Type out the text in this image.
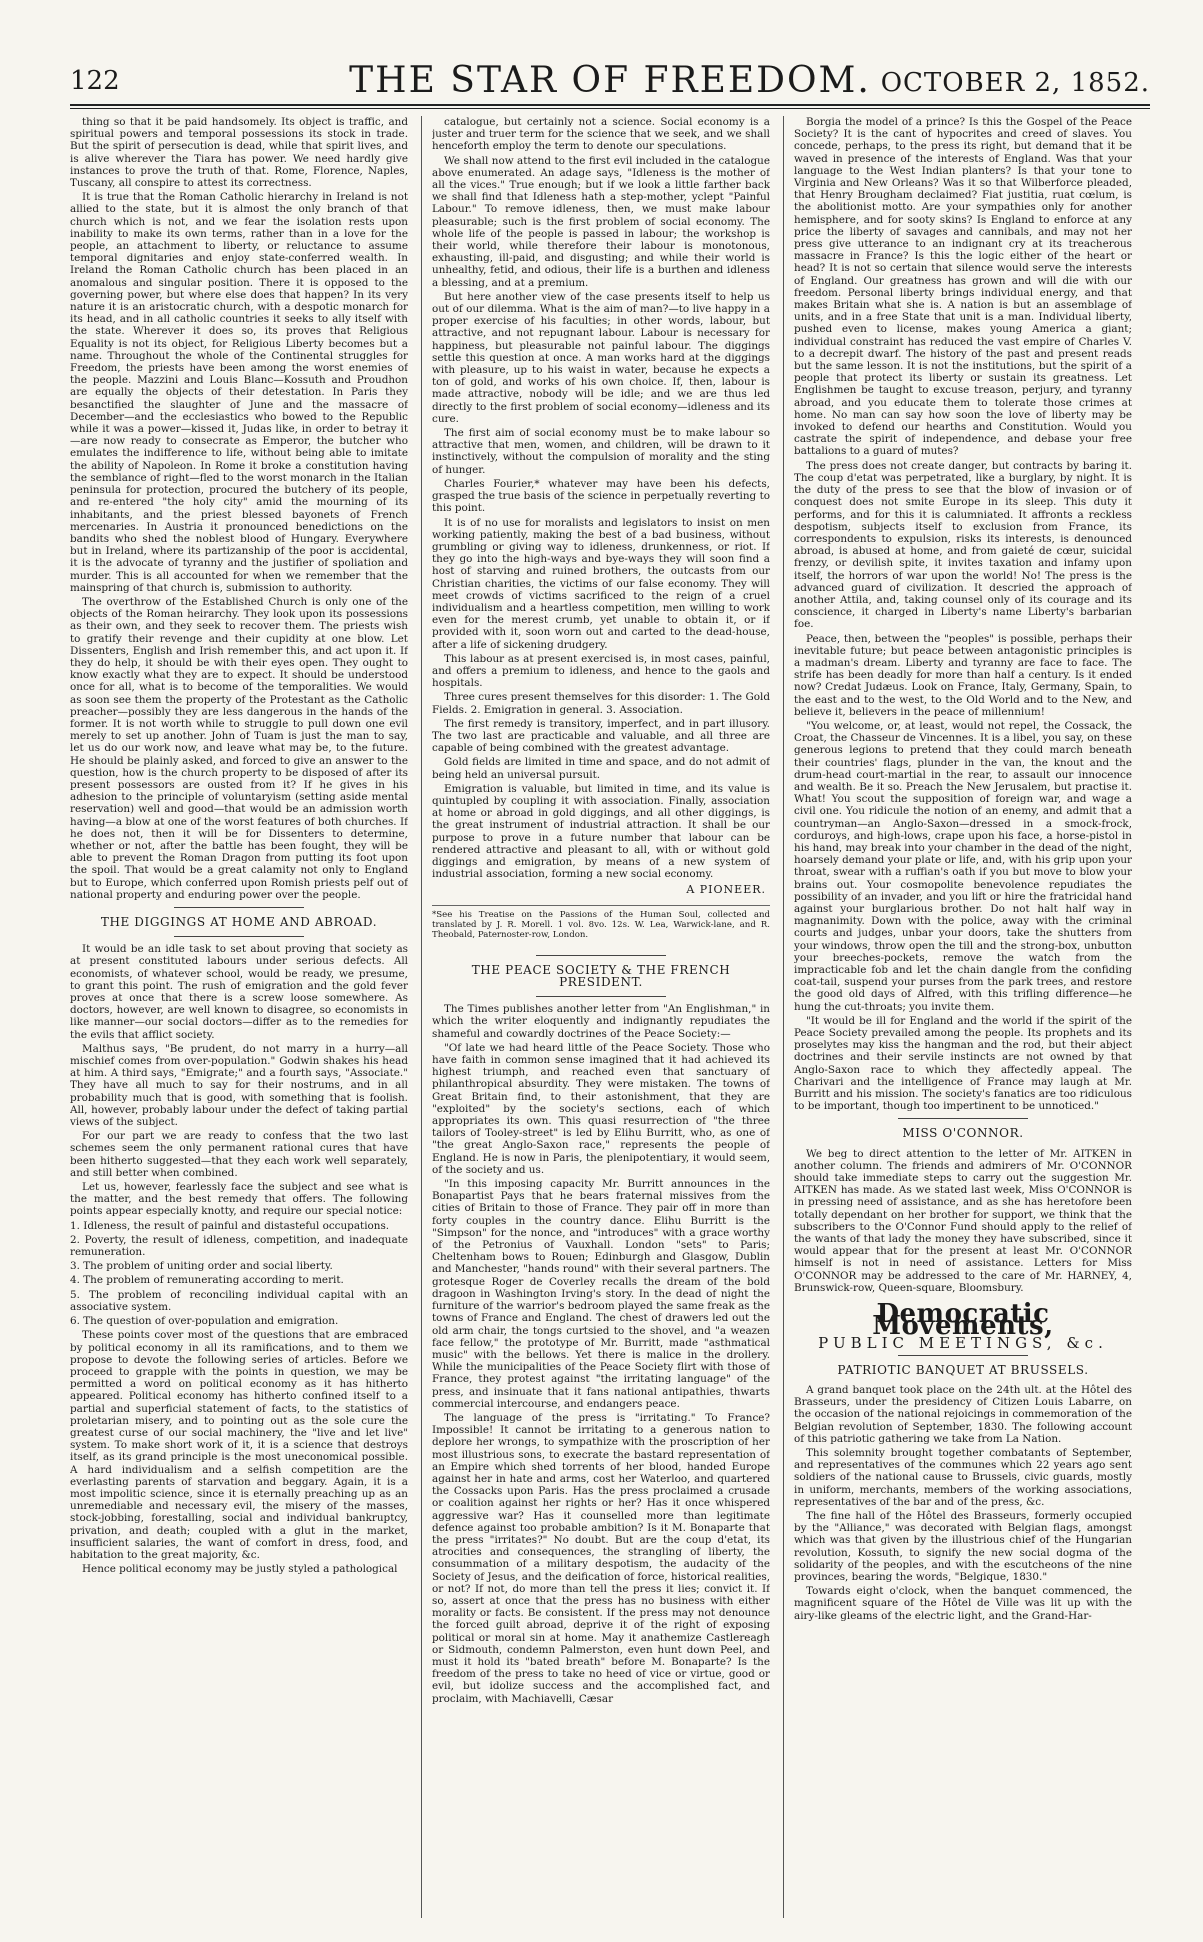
122	THE STAR OF FREEDOM. OCTOBER 2, 1852.

thing so that it be paid handsomely. Its object is traffic, and spiritual powers and temporal possessions its stock in trade. But the spirit of persecution is dead, while that spirit lives, and is alive wherever the Tiara has power. We need hardly give instances to prove the truth of that. Rome, Florence, Naples, Tuscany, all conspire to attest its correctness.

It is true that the Roman Catholic hierarchy in Ireland is not allied to the state, but it is almost the only branch of that church which is not, and we fear the isolation rests upon inability to make its own terms, rather than in a love for the people, an attachment to liberty, or reluctance to assume temporal dignitaries and enjoy state-conferred wealth. In Ireland the Roman Catholic church has been placed in an anomalous and singular position. There it is opposed to the governing power, but where else does that happen? In its very nature it is an aristocratic church, with a despotic monarch for its head, and in all catholic countries it seeks to ally itself with the state. Wherever it does so, its proves that Religious Equality is not its object, for Religious Liberty becomes but a name. Throughout the whole of the Continental struggles for Freedom, the priests have been among the worst enemies of the people. Mazzini and Louis Blanc—Kossuth and Proudhon are equally the objects of their detestation. In Paris they besanctified the slaughter of June and the massacre of December—and the ecclesiastics who bowed to the Republic while it was a power—kissed it, Judas like, in order to betray it—are now ready to consecrate as Emperor, the butcher who emulates the indifference to life, without being able to imitate the ability of Napoleon. In Rome it broke a constitution having the semblance of right—fled to the worst monarch in the Italian peninsula for protection, procured the butchery of its people, and re-entered "the holy city" amid the mourning of its inhabitants, and the priest blessed bayonets of French mercenaries. In Austria it pronounced benedictions on the bandits who shed the noblest blood of Hungary. Everywhere but in Ireland, where its partizanship of the poor is accidental, it is the advocate of tyranny and the justifier of spoliation and murder. This is all accounted for when we remember that the mainspring of that church is, submission to authority.

The overthrow of the Established Church is only one of the objects of the Roman heirarchy. They look upon its possessions as their own, and they seek to recover them. The priests wish to gratify their revenge and their cupidity at one blow. Let Dissenters, English and Irish remember this, and act upon it. If they do help, it should be with their eyes open. They ought to know exactly what they are to expect. It should be understood once for all, what is to become of the temporalities. We would as soon see them the property of the Protestant as the Catholic preacher—possibly they are less dangerous in the hands of the former. It is not worth while to struggle to pull down one evil merely to set up another. John of Tuam is just the man to say, let us do our work now, and leave what may be, to the future. He should be plainly asked, and forced to give an answer to the question, how is the church property to be disposed of after its present possessors are ousted from it? If he gives in his adhesion to the principle of voluntaryism (setting aside mental reservation) well and good—that would be an admission worth having—a blow at one of the worst features of both churches. If he does not, then it will be for Dissenters to determine, whether or not, after the battle has been fought, they will be able to prevent the Roman Dragon from putting its foot upon the spoil. That would be a great calamity not only to England but to Europe, which conferred upon Romish priests pelf out of national property and enduring power over the people.

THE DIGGINGS AT HOME AND ABROAD.

It would be an idle task to set about proving that society as at present constituted labours under serious defects. All economists, of whatever school, would be ready, we presume, to grant this point. The rush of emigration and the gold fever proves at once that there is a screw loose somewhere. As doctors, however, are well known to disagree, so economists in like manner—our social doctors—differ as to the remedies for the evils that afflict society.

Malthus says, "Be prudent, do not marry in a hurry—all mischief comes from over-population." Godwin shakes his head at him. A third says, "Emigrate;" and a fourth says, "Associate." They have all much to say for their nostrums, and in all probability much that is good, with something that is foolish. All, however, probably labour under the defect of taking partial views of the subject.

For our part we are ready to confess that the two last schemes seem the only permanent rational cures that have been hitherto suggested—that they each work well separately, and still better when combined.

Let us, however, fearlessly face the subject and see what is the matter, and the best remedy that offers. The following points appear especially knotty, and require our special notice:

1. Idleness, the result of painful and distasteful occupations.

2. Poverty, the result of idleness, competition, and inadequate remuneration.

3. The problem of uniting order and social liberty.

4. The problem of remunerating according to merit.

5. The problem of reconciling individual capital with an associative system.

6. The question of over-population and emigration.

These points cover most of the questions that are embraced by political economy in all its ramifications, and to them we propose to devote the following series of articles. Before we proceed to grapple with the points in question, we may be permitted a word on political economy as it has hitherto appeared. Political economy has hitherto confined itself to a partial and superficial statement of facts, to the statistics of proletarian misery, and to pointing out as the sole cure the greatest curse of our social machinery, the "live and let live" system. To make short work of it, it is a science that destroys itself, as its grand principle is the most uneconomical possible. A hard individualism and a selfish competition are the everlasting parents of starvation and beggary. Again, it is a most impolitic science, since it is eternally preaching up as an unremediable and necessary evil, the misery of the masses, stock-jobbing, forestalling, social and individual bankruptcy, privation, and death; coupled with a glut in the market, insufficient salaries, the want of comfort in dress, food, and habitation to the great majority, &c.

Hence political economy may be justly styled a pathological

catalogue, but certainly not a science. Social economy is a juster and truer term for the science that we seek, and we shall henceforth employ the term to denote our speculations.

We shall now attend to the first evil included in the catalogue above enumerated. An adage says, "Idleness is the mother of all the vices." True enough; but if we look a little farther back we shall find that Idleness hath a step-mother, yclept "Painful Labour." To remove idleness, then, we must make labour pleasurable; such is the first problem of social economy. The whole life of the people is passed in labour; the workshop is their world, while therefore their labour is monotonous, exhausting, ill-paid, and disgusting; and while their world is unhealthy, fetid, and odious, their life is a burthen and idleness a blessing, and at a premium.

But here another view of the case presents itself to help us out of our dilemma. What is the aim of man?—to live happy in a proper exercise of his faculties; in other words, labour, but attractive, and not repugnant labour. Labour is necessary for happiness, but pleasurable not painful labour. The diggings settle this question at once. A man works hard at the diggings with pleasure, up to his waist in water, because he expects a ton of gold, and works of his own choice. If, then, labour is made attractive, nobody will be idle; and we are thus led directly to the first problem of social economy—idleness and its cure.

The first aim of social economy must be to make labour so attractive that men, women, and children, will be drawn to it instinctively, without the compulsion of morality and the sting of hunger.

Charles Fourier,* whatever may have been his defects, grasped the true basis of the science in perpetually reverting to this point.

It is of no use for moralists and legislators to insist on men working patiently, making the best of a bad business, without grumbling or giving way to idleness, drunkenness, or riot. If they go into the high-ways and bye-ways they will soon find a host of starving and ruined brothers, the outcasts from our Christian charities, the victims of our false economy. They will meet crowds of victims sacrificed to the reign of a cruel individualism and a heartless competition, men willing to work even for the merest crumb, yet unable to obtain it, or if provided with it, soon worn out and carted to the dead-house, after a life of sickening drudgery.

This labour as at present exercised is, in most cases, painful, and offers a premium to idleness, and hence to the gaols and hospitals.

Three cures present themselves for this disorder: 1. The Gold Fields. 2. Emigration in general. 3. Association.

The first remedy is transitory, imperfect, and in part illusory. The two last are practicable and valuable, and all three are capable of being combined with the greatest advantage.

Gold fields are limited in time and space, and do not admit of being held an universal pursuit.

Emigration is valuable, but limited in time, and its value is quintupled by coupling it with association. Finally, association at home or abroad in gold diggings, and all other diggings, is the great instrument of industrial attraction. It shall be our purpose to prove in a future number that labour can be rendered attractive and pleasant to all, with or without gold diggings and emigration, by means of a new system of industrial association, forming a new social economy.

A PIONEER.
*See his Treatise on the Passions of the Human Soul, collected and translated by J. R. Morell. 1 vol. 8vo. 12s. W. Lea, Warwick-lane, and R. Theobald, Paternoster-row, London.
THE PEACE SOCIETY & THE FRENCH PRESIDENT.

The Times publishes another letter from "An Englishman," in which the writer eloquently and indignantly repudiates the shameful and cowardly doctrines of the Peace Society:—

"Of late we had heard little of the Peace Society. Those who have faith in common sense imagined that it had achieved its highest triumph, and reached even that sanctuary of philanthropical absurdity. They were mistaken. The towns of Great Britain find, to their astonishment, that they are "exploited" by the society's sections, each of which appropriates its own. This quasi resurrection of "the three tailors of Tooley-street" is led by Elihu Burritt, who, as one of "the great Anglo-Saxon race," represents the people of England. He is now in Paris, the plenipotentiary, it would seem, of the society and us.

"In this imposing capacity Mr. Burritt announces in the Bonapartist Pays that he bears fraternal missives from the cities of Britain to those of France. They pair off in more than forty couples in the country dance. Elihu Burritt is the "Simpson" for the nonce, and "introduces" with a grace worthy of the Petronius of Vauxhall. London "sets" to Paris; Cheltenham bows to Rouen; Edinburgh and Glasgow, Dublin and Manchester, "hands round" with their several partners. The grotesque Roger de Coverley recalls the dream of the bold dragoon in Washington Irving's story. In the dead of night the furniture of the warrior's bedroom played the same freak as the towns of France and England. The chest of drawers led out the old arm chair, the tongs curtsied to the shovel, and "a weazen face fellow," the prototype of Mr. Burritt, made "asthmatical music" with the bellows. Yet there is malice in the drollery. While the municipalities of the Peace Society flirt with those of France, they protest against "the irritating language" of the press, and insinuate that it fans national antipathies, thwarts commercial intercourse, and endangers peace.

The language of the press is "irritating." To France? Impossible! It cannot be irritating to a generous nation to deplore her wrongs, to sympathize with the proscription of her most illustrious sons, to execrate the bastard representation of an Empire which shed torrents of her blood, handed Europe against her in hate and arms, cost her Waterloo, and quartered the Cossacks upon Paris. Has the press proclaimed a crusade or coalition against her rights or her? Has it once whispered aggressive war? Has it counselled more than legitimate defence against too probable ambition? Is it M. Bonaparte that the press "irritates?" No doubt. But are the coup d'etat, its atrocities and consequences, the strangling of liberty, the consummation of a military despotism, the audacity of the Society of Jesus, and the deification of force, historical realities, or not? If not, do more than tell the press it lies; convict it. If so, assert at once that the press has no business with either morality or facts. Be consistent. If the press may not denounce the forced guilt abroad, deprive it of the right of exposing political or moral sin at home. May it anathemize Castlereagh or Sidmouth, condemn Palmerston, even hunt down Peel, and must it hold its "bated breath" before M. Bonaparte? Is the freedom of the press to take no heed of vice or virtue, good or evil, but idolize success and the accomplished fact, and proclaim, with Machiavelli, Cæsar

Borgia the model of a prince? Is this the Gospel of the Peace Society? It is the cant of hypocrites and creed of slaves. You concede, perhaps, to the press its right, but demand that it be waved in presence of the interests of England. Was that your language to the West Indian planters? Is that your tone to Virginia and New Orleans? Was it so that Wilberforce pleaded, that Henry Brougham declaimed? Fiat justitia, ruat cœlum, is the abolitionist motto. Are your sympathies only for another hemisphere, and for sooty skins? Is England to enforce at any price the liberty of savages and cannibals, and may not her press give utterance to an indignant cry at its treacherous massacre in France? Is this the logic either of the heart or head? It is not so certain that silence would serve the interests of England. Our greatness has grown and will die with our freedom. Personal liberty brings individual energy, and that makes Britain what she is. A nation is but an assemblage of units, and in a free State that unit is a man. Individual liberty, pushed even to license, makes young America a giant; individual constraint has reduced the vast empire of Charles V. to a decrepit dwarf. The history of the past and present reads but the same lesson. It is not the institutions, but the spirit of a people that protect its liberty or sustain its greatness. Let Englishmen be taught to excuse treason, perjury, and tyranny abroad, and you educate them to tolerate those crimes at home. No man can say how soon the love of liberty may be invoked to defend our hearths and Constitution. Would you castrate the spirit of independence, and debase your free battalions to a guard of mutes?

The press does not create danger, but contracts by baring it. The coup d'etat was perpetrated, like a burglary, by night. It is the duty of the press to see that the blow of invasion or of conquest does not smite Europe in its sleep. This duty it performs, and for this it is calumniated. It affronts a reckless despotism, subjects itself to exclusion from France, its correspondents to expulsion, risks its interests, is denounced abroad, is abused at home, and from gaieté de cœur, suicidal frenzy, or devilish spite, it invites taxation and infamy upon itself, the horrors of war upon the world! No! The press is the advanced guard of civilization. It descried the approach of another Attila, and, taking counsel only of its courage and its conscience, it charged in Liberty's name Liberty's barbarian foe.

Peace, then, between the "peoples" is possible, perhaps their inevitable future; but peace between antagonistic principles is a madman's dream. Liberty and tyranny are face to face. The strife has been deadly for more than half a century. Is it ended now? Credat Judæus. Look on France, Italy, Germany, Spain, to the east and to the west, to the Old World and to the New, and believe it, believers in the peace of millennium!

"You welcome, or, at least, would not repel, the Cossack, the Croat, the Chasseur de Vincennes. It is a libel, you say, on these generous legions to pretend that they could march beneath their countries' flags, plunder in the van, the knout and the drum-head court-martial in the rear, to assault our innocence and wealth. Be it so. Preach the New Jerusalem, but practise it. What! You scout the supposition of foreign war, and wage a civil one. You ridicule the notion of an enemy, and admit that a countryman—an Anglo-Saxon—dressed in a smock-frock, corduroys, and high-lows, crape upon his face, a horse-pistol in his hand, may break into your chamber in the dead of the night, hoarsely demand your plate or life, and, with his grip upon your throat, swear with a ruffian's oath if you but move to blow your brains out. Your cosmopolite benevolence repudiates the possibility of an invader, and you lift or hire the fratricidal hand against your burglarious brother. Do not halt half way in magnanimity. Down with the police, away with the criminal courts and judges, unbar your doors, take the shutters from your windows, throw open the till and the strong-box, unbutton your breeches-pockets, remove the watch from the impracticable fob and let the chain dangle from the confiding coat-tail, suspend your purses from the park trees, and restore the good old days of Alfred, with this trifling difference—he hung the cut-throats; you invite them.

"It would be ill for England and the world if the spirit of the Peace Society prevailed among the people. Its prophets and its proselytes may kiss the hangman and the rod, but their abject doctrines and their servile instincts are not owned by that Anglo-Saxon race to which they affectedly appeal. The Charivari and the intelligence of France may laugh at Mr. Burritt and his mission. The society's fanatics are too ridiculous to be important, though too impertinent to be unnoticed."

MISS O'CONNOR.

We beg to direct attention to the letter of Mr. AITKEN in another column. The friends and admirers of Mr. O'CONNOR should take immediate steps to carry out the suggestion Mr. AITKEN has made. As we stated last week, Miss O'CONNOR is in pressing need of assistance, and as she has heretofore been totally dependant on her brother for support, we think that the subscribers to the O'Connor Fund should apply to the relief of the wants of that lady the money they have subscribed, since it would appear that for the present at least Mr. O'CONNOR himself is not in need of assistance. Letters for Miss O'CONNOR may be addressed to the care of Mr. HARNEY, 4, Brunswick-row, Queen-square, Bloomsbury.

Democratic Movements,
PUBLIC MEETINGS, &c.
PATRIOTIC BANQUET AT BRUSSELS.

A grand banquet took place on the 24th ult. at the Hôtel des Brasseurs, under the presidency of Citizen Louis Labarre, on the occasion of the national rejoicings in commemoration of the Belgian revolution of September, 1830. The following account of this patriotic gathering we take from La Nation.

This solemnity brought together combatants of September, and representatives of the communes which 22 years ago sent soldiers of the national cause to Brussels, civic guards, mostly in uniform, merchants, members of the working associations, representatives of the bar and of the press, &c.

The fine hall of the Hôtel des Brasseurs, formerly occupied by the "Alliance," was decorated with Belgian flags, amongst which was that given by the illustrious chief of the Hungarian revolution, Kossuth, to signify the new social dogma of the solidarity of the peoples, and with the escutcheons of the nine provinces, bearing the words, "Belgique, 1830."

Towards eight o'clock, when the banquet commenced, the magnificent square of the Hôtel de Ville was lit up with the airy-like gleams of the electric light, and the Grand-Har-
